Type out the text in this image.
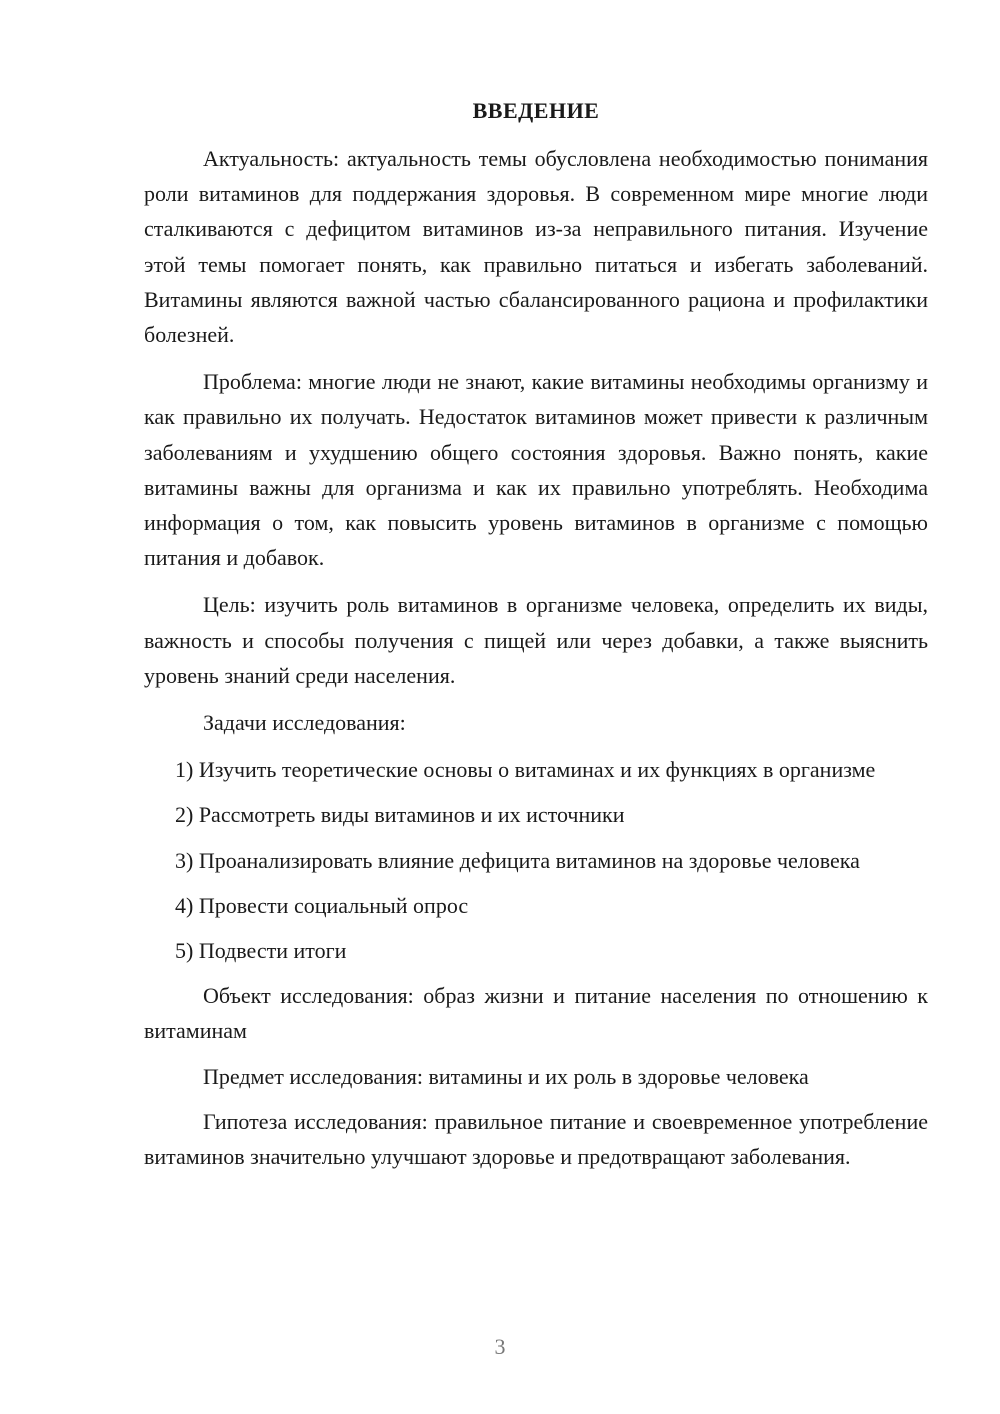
ВВЕДЕНИЕ

Актуальность: актуальность темы обусловлена необходимостью понимания роли витаминов для поддержания здоровья. В современном мире многие люди сталкиваются с дефицитом витаминов из-за неправильного питания. Изучение этой темы помогает понять, как правильно питаться и избегать заболеваний. Витамины являются важной частью сбалансированного рациона и профилактики болезней.

Проблема: многие люди не знают, какие витамины необходимы организму и как правильно их получать. Недостаток витаминов может привести к различным заболеваниям и ухудшению общего состояния здоровья. Важно понять, какие витамины важны для организма и как их правильно употреблять. Необходима информация о том, как повысить уровень витаминов в организме с помощью питания и добавок.

Цель: изучить роль витаминов в организме человека, определить их виды, важность и способы получения с пищей или через добавки, а также выяснить уровень знаний среди населения.

Задачи исследования:

1) Изучить теоретические основы о витаминах и их функциях в организме

2) Рассмотреть виды витаминов и их источники

3) Проанализировать влияние дефицита витаминов на здоровье человека

4) Провести социальный опрос

5) Подвести итоги

Объект исследования: образ жизни и питание населения по отношению к витаминам

Предмет исследования: витамины и их роль в здоровье человека

Гипотеза исследования: правильное питание и своевременное употребление витаминов значительно улучшают здоровье и предотвращают заболевания.

3
